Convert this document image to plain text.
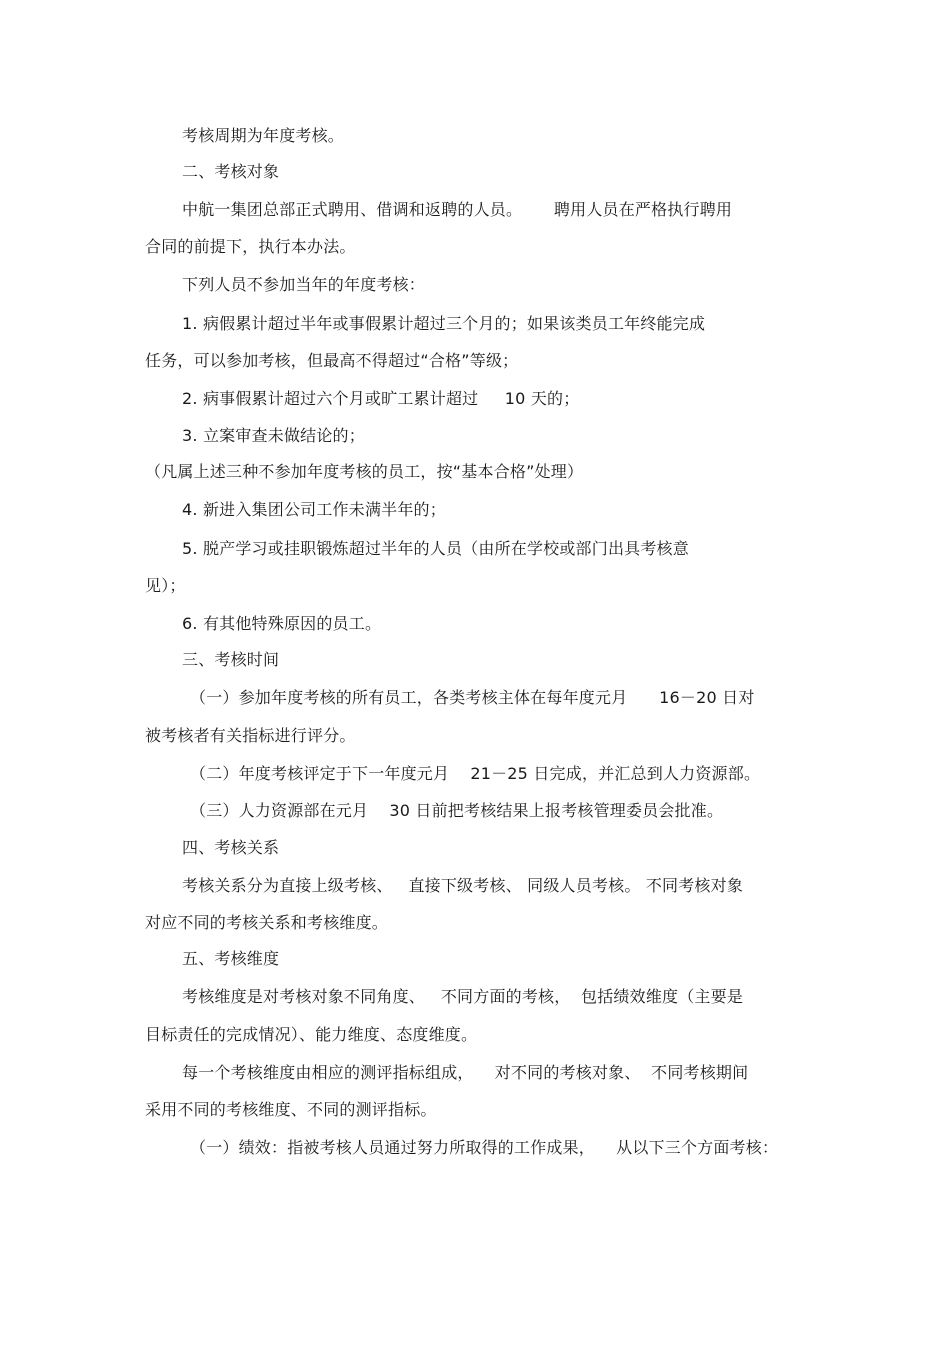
考核周期为年度考核。
二、考核对象
中航一集团总部正式聘用、借调和返聘的人员。      聘用人员在严格执行聘用
合同的前提下，执行本办法。
下列人员不参加当年的年度考核：
1. 病假累计超过半年或事假累计超过三个月的；如果该类员工年终能完成
任务，可以参加考核，但最高不得超过“合格”等级；
2. 病事假累计超过六个月或旷工累计超过     10 天的；
3. 立案审查未做结论的；
（凡属上述三种不参加年度考核的员工，按“基本合格”处理）
4. 新进入集团公司工作未满半年的；
5. 脱产学习或挂职锻炼超过半年的人员（由所在学校或部门出具考核意
见）；
6. 有其他特殊原因的员工。
三、考核时间
（一）参加年度考核的所有员工，各类考核主体在每年度元月      16－20 日对
被考核者有关指标进行评分。
（二）年度考核评定于下一年度元月    21－25 日完成，并汇总到人力资源部。
（三）人力资源部在元月    30 日前把考核结果上报考核管理委员会批准。
四、考核关系
考核关系分为直接上级考核、   直接下级考核、 同级人员考核。 不同考核对象
对应不同的考核关系和考核维度。
五、考核维度
考核维度是对考核对象不同角度、   不同方面的考核，  包括绩效维度（主要是
目标责任的完成情况）、能力维度、态度维度。
每一个考核维度由相应的测评指标组成，    对不同的考核对象、  不同考核期间
采用不同的考核维度、不同的测评指标。
（一）绩效：指被考核人员通过努力所取得的工作成果，    从以下三个方面考核：
